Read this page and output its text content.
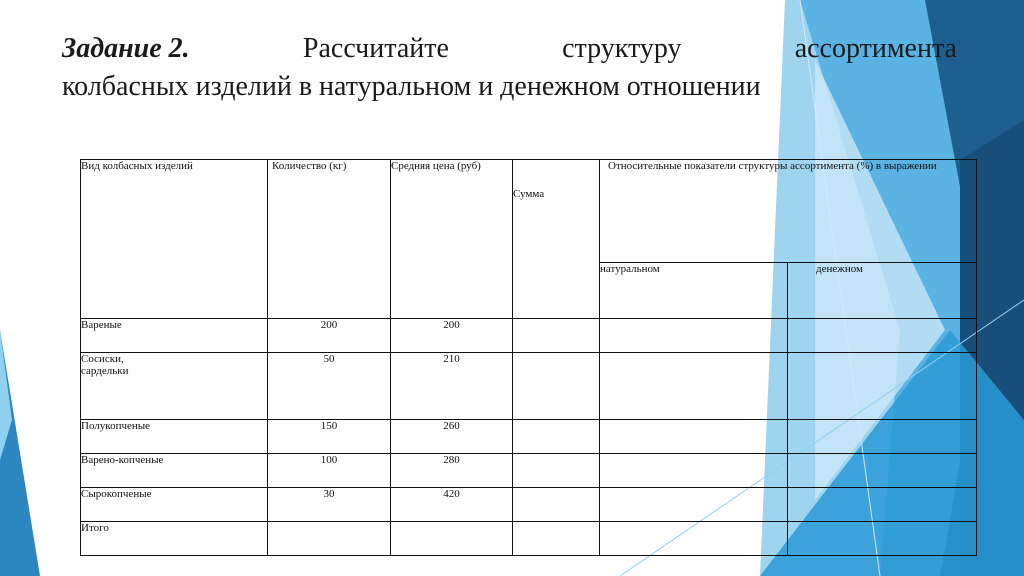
Задание 2.	Рассчитайте	структуру	ассортимента
колбасных изделий в натуральном и денежном отношении
Вид колбасных изделий	Количество (кг)	Средняя цена (руб)	Сумма	Относительные показатели структуры ассортимента (%) в выражении	
				натуральном	денежном
Вареные	200	200			

Сосиски, сардельки	50	210			
Полукопченые	150	260			
Варено-копченые	100	280			
Сырокопченые	30	420			
Итого					
